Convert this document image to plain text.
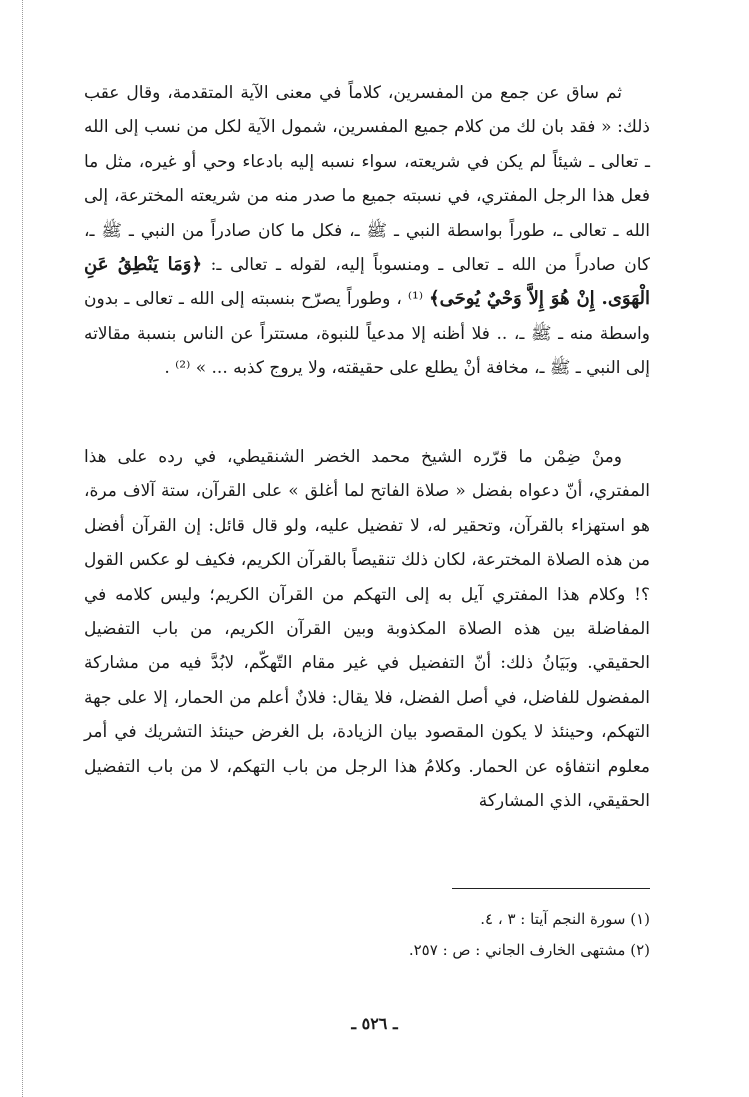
ثم ساق عن جمع من المفسرين، كلاماً في معنى الآية المتقدمة، وقال عقب ذلك: « فقد بان لك من كلام جميع المفسرين، شمول الآية لكل من نسب إلى الله ـ تعالى ـ شيئاً لم يكن في شريعته، سواء نسبه إليه بادعاء وحي أو غيره، مثل ما فعل هذا الرجل المفتري، في نسبته جميع ما صدر منه من شريعته المخترعة، إلى الله ـ تعالى ـ، طوراً بواسطة النبي ـ ﷺ ـ، فكل ما كان صادراً من النبي ـ ﷺ ـ، كان صادراً من الله ـ تعالى ـ ومنسوباً إليه، لقوله ـ تعالى ـ: ﴿وَمَا يَنْطِقُ عَنِ الْهَوَى. إِنْ هُوَ إِلاَّ وَحْيٌ يُوحَى﴾ ⁽¹⁾ ، وطوراً يصرّح بنسبته إلى الله ـ تعالى ـ بدون واسطة منه ـ ﷺ ـ، .. فلا أظنه إلا مدعياً للنبوة، مستتراً عن الناس بنسبة مقالاته إلى النبي ـ ﷺ ـ، مخافة أنْ يطلع على حقيقته، ولا يروج كذبه ... » ⁽²⁾ .

ومنْ ضِمْن ما قرّره الشيخ محمد الخضر الشنقيطي، في رده على هذا المفتري، أنّ دعواه بفضل « صلاة الفاتح لما أغلق » على القرآن، ستة آلاف مرة، هو استهزاء بالقرآن، وتحقير له، لا تفضيل عليه، ولو قال قائل: إن القرآن أفضل من هذه الصلاة المخترعة، لكان ذلك تنقيصاً بالقرآن الكريم، فكيف لو عكس القول ؟! وكلام هذا المفتري آيل به إلى التهكم من القرآن الكريم؛ وليس كلامه في المفاضلة بين هذه الصلاة المكذوبة وبين القرآن الكريم، من باب التفضيل الحقيقي. وبَيَانُ ذلك: أنّ التفضيل في غير مقام التّهكّم، لابُدَّ فيه من مشاركة المفضول للفاضل، في أصل الفضل، فلا يقال: فلانٌ أعلم من الحمار، إلا على جهة التهكم، وحينئذ لا يكون المقصود بيان الزيادة، بل الغرض حينئذ التشريك في أمر معلوم انتفاؤه عن الحمار. وكلامُ هذا الرجل من باب التهكم، لا من باب التفضيل الحقيقي، الذي المشاركة

(١) سورة النجم آيتا : ٣ ، ٤.
(٢) مشتهى الخارف الجاني : ص : ٢٥٧.
ـ ٥٢٦ ـ
